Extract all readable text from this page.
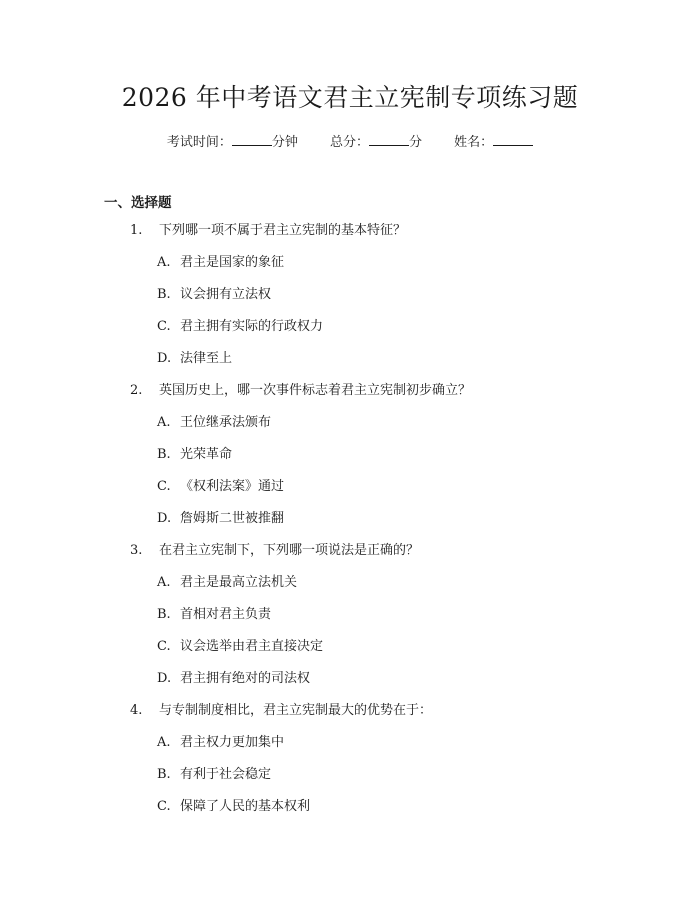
2026 年中考语文君主立宪制专项练习题
考试时间：	分钟 总分：	分 姓名：
一、选择题
1. 下列哪一项不属于君主立宪制的基本特征？
A. 君主是国家的象征
B. 议会拥有立法权
C. 君主拥有实际的行政权力
D. 法律至上
2. 英国历史上，哪一次事件标志着君主立宪制初步确立？
A. 王位继承法颁布
B. 光荣革命
C. 《权利法案》通过
D. 詹姆斯二世被推翻
3. 在君主立宪制下，下列哪一项说法是正确的？
A. 君主是最高立法机关
B. 首相对君主负责
C. 议会选举由君主直接决定
D. 君主拥有绝对的司法权
4. 与专制制度相比，君主立宪制最大的优势在于：
A. 君主权力更加集中
B. 有利于社会稳定
C. 保障了人民的基本权利
